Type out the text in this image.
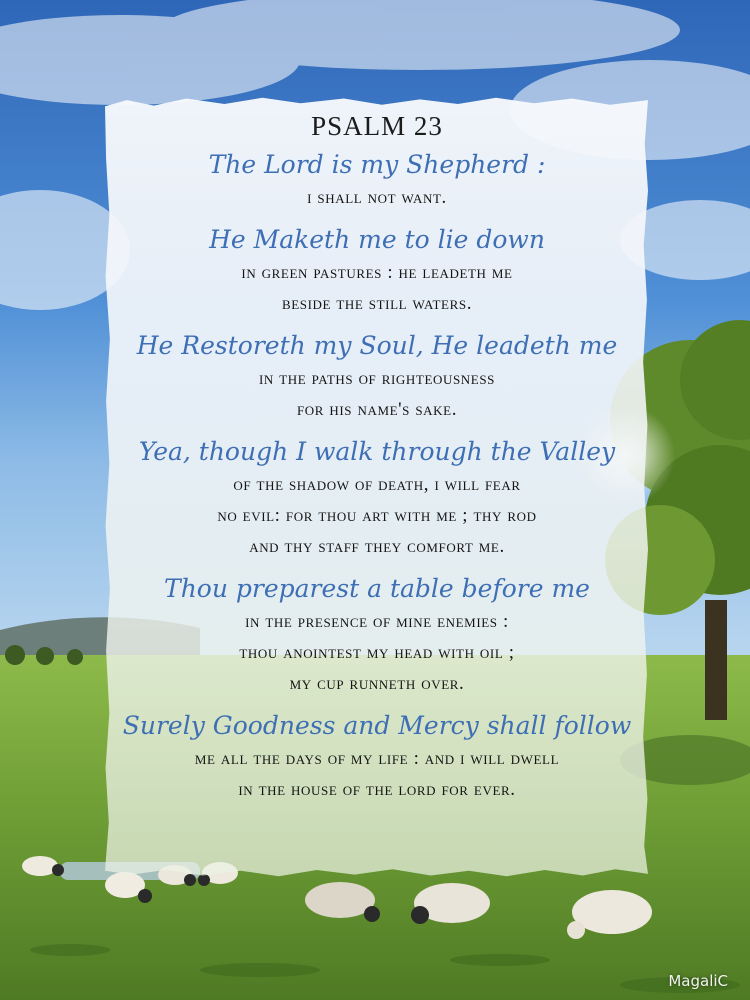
PSALM 23
The Lord is my Shepherd :
i shall not want.
He Maketh me to lie down
in green pastures : he leadeth me
beside the still waters.
He Restoreth my Soul, He leadeth me
in the paths of righteousness
for his name's sake.
Yea, though I walk through the Valley
of the shadow of death, i will fear
no evil: for thou art with me ; thy rod
and thy staff they comfort me.
Thou preparest a table before me
in the presence of mine enemies :
thou anointest my head with oil ;
my cup runneth over.
Surely Goodness and Mercy shall follow
me all the days of my life : and i will dwell
in the house of the lord for ever.
MagaliC
